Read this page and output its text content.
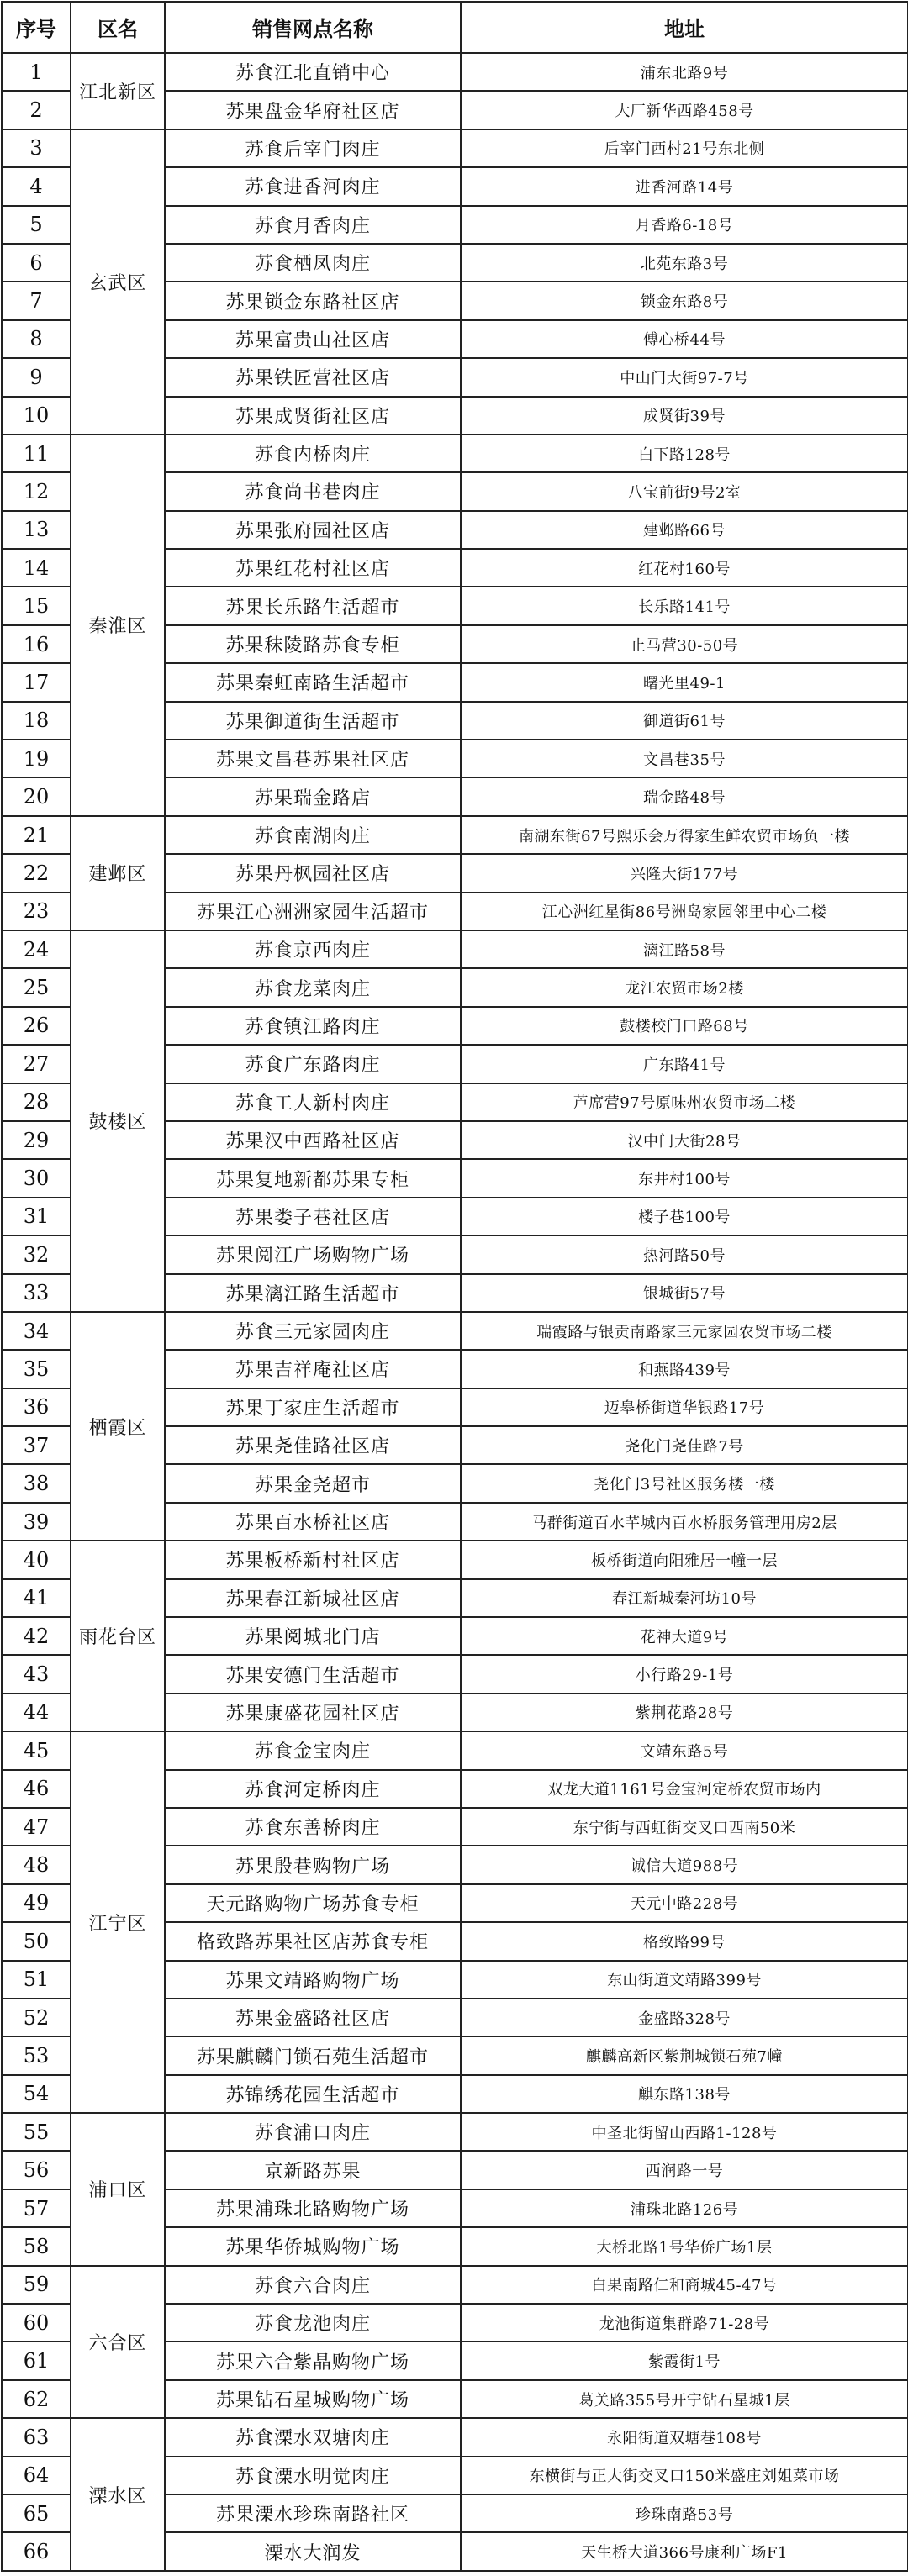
序号	区名	销售网点名称	地址
1	江北新区	苏食江北直销中心	浦东北路9号
2		苏果盘金华府社区店	大厂新华西路458号
3	玄武区	苏食后宰门肉庄	后宰门西村21号东北侧
4		苏食进香河肉庄	进香河路14号
5		苏食月香肉庄	月香路6-18号
6		苏食栖凤肉庄	北苑东路3号
7		苏果锁金东路社区店	锁金东路8号
8		苏果富贵山社区店	傅心桥44号
9		苏果铁匠营社区店	中山门大街97-7号
10		苏果成贤街社区店	成贤街39号
11	秦淮区	苏食内桥肉庄	白下路128号
12		苏食尚书巷肉庄	八宝前街9号2室
13		苏果张府园社区店	建邺路66号
14		苏果红花村社区店	红花村160号
15		苏果长乐路生活超市	长乐路141号
16		苏果秣陵路苏食专柜	止马营30-50号
17		苏果秦虹南路生活超市	曙光里49-1
18		苏果御道街生活超市	御道街61号
19		苏果文昌巷苏果社区店	文昌巷35号
20		苏果瑞金路店	瑞金路48号
21	建邺区	苏食南湖肉庄	南湖东街67号熙乐会万得家生鲜农贸市场负一楼
22		苏果丹枫园社区店	兴隆大街177号
23		苏果江心洲洲家园生活超市	江心洲红星街86号洲岛家园邻里中心二楼
24	鼓楼区	苏食京西肉庄	漓江路58号
25		苏食龙菜肉庄	龙江农贸市场2楼
26		苏食镇江路肉庄	鼓楼校门口路68号
27		苏食广东路肉庄	广东路41号
28		苏食工人新村肉庄	芦席营97号原味州农贸市场二楼
29		苏果汉中西路社区店	汉中门大街28号
30		苏果复地新都苏果专柜	东井村100号
31		苏果娄子巷社区店	楼子巷100号
32		苏果阅江广场购物广场	热河路50号
33		苏果漓江路生活超市	银城街57号
34	栖霞区	苏食三元家园肉庄	瑞霞路与银贡南路家三元家园农贸市场二楼
35		苏果吉祥庵社区店	和燕路439号
36		苏果丁家庄生活超市	迈皋桥街道华银路17号
37		苏果尧佳路社区店	尧化门尧佳路7号
38		苏果金尧超市	尧化门3号社区服务楼一楼
39		苏果百水桥社区店	马群街道百水芊城内百水桥服务管理用房2层
40	雨花台区	苏果板桥新村社区店	板桥街道向阳雅居一幢一层
41		苏果春江新城社区店	春江新城秦河坊10号
42		苏果阅城北门店	花神大道9号
43		苏果安德门生活超市	小行路29-1号
44		苏果康盛花园社区店	紫荆花路28号
45	江宁区	苏食金宝肉庄	文靖东路5号
46		苏食河定桥肉庄	双龙大道1161号金宝河定桥农贸市场内
47		苏食东善桥肉庄	东宁街与西虹街交叉口西南50米
48		苏果殷巷购物广场	诚信大道988号
49		天元路购物广场苏食专柜	天元中路228号
50		格致路苏果社区店苏食专柜	格致路99号
51		苏果文靖路购物广场	东山街道文靖路399号
52		苏果金盛路社区店	金盛路328号
53		苏果麒麟门锁石苑生活超市	麒麟高新区紫荆城锁石苑7幢
54		苏锦绣花园生活超市	麒东路138号
55	浦口区	苏食浦口肉庄	中圣北街留山西路1-128号
56		京新路苏果	西润路一号
57		苏果浦珠北路购物广场	浦珠北路126号
58		苏果华侨城购物广场	大桥北路1号华侨广场1层
59	六合区	苏食六合肉庄	白果南路仁和商城45-47号
60		苏食龙池肉庄	龙池街道集群路71-28号
61		苏果六合紫晶购物广场	紫霞街1号
62		苏果钻石星城购物广场	葛关路355号开宁钻石星城1层
63	溧水区	苏食溧水双塘肉庄	永阳街道双塘巷108号
64		苏食溧水明觉肉庄	东横街与正大街交叉口150米盛庄刘姐菜市场
65		苏果溧水珍珠南路社区	珍珠南路53号
66		溧水大润发	天生桥大道366号康利广场F1
